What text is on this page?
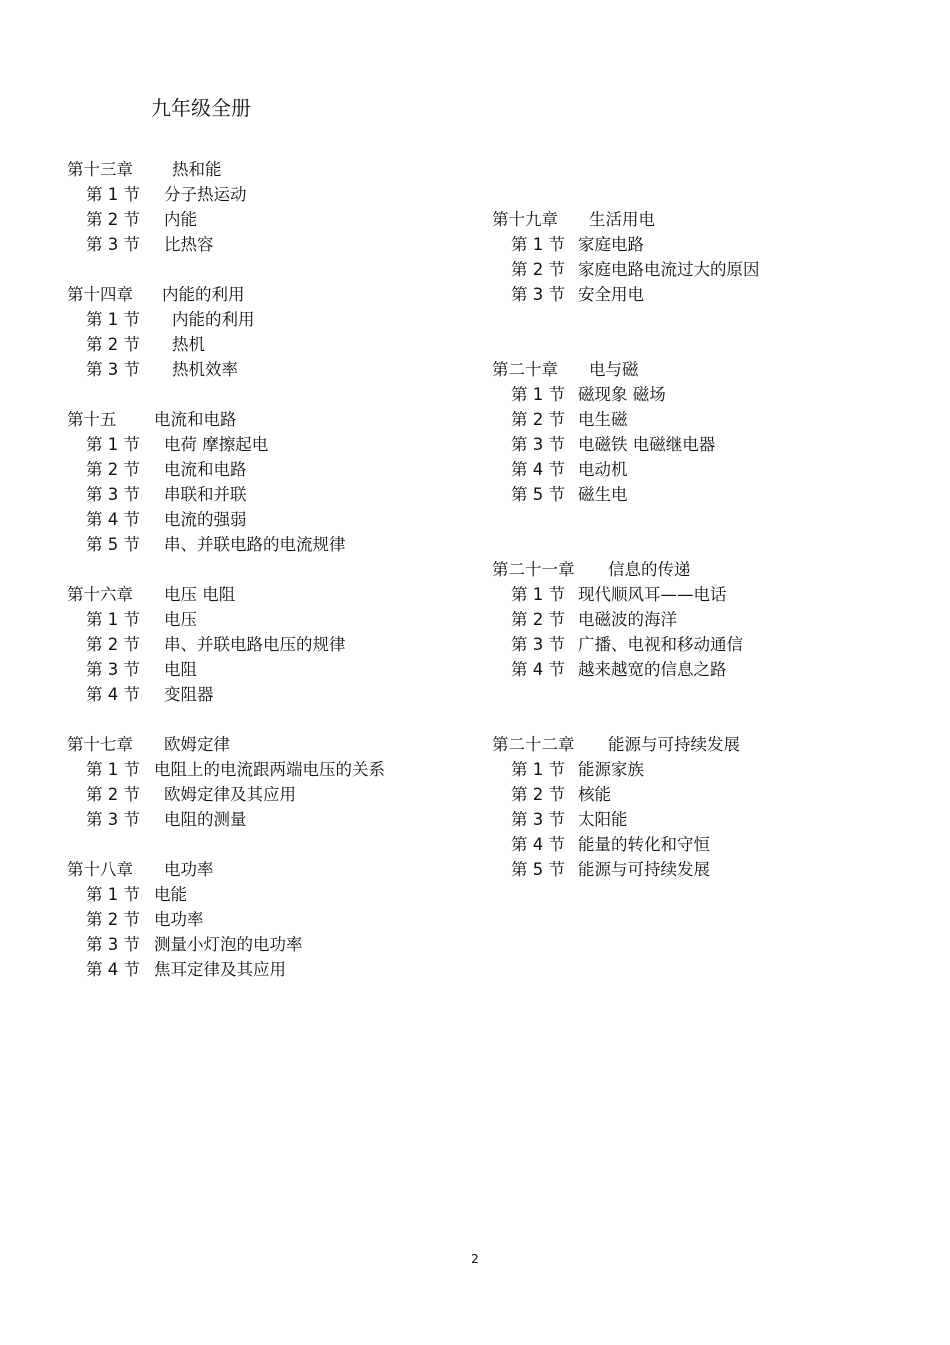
九年级全册
第十三章 热和能
第 1 节 分子热运动
第 2 节 内能
第 3 节 比热容
第十四章 内能的利用
第 1 节 内能的利用
第 2 节 热机
第 3 节 热机效率
第十五 电流和电路
第 1 节 电荷 摩擦起电
第 2 节 电流和电路
第 3 节 串联和并联
第 4 节 电流的强弱
第 5 节 串、并联电路的电流规律
第十六章 电压 电阻
第 1 节 电压
第 2 节 串、并联电路电压的规律
第 3 节 电阻
第 4 节 变阻器
第十七章 欧姆定律
第 1 节 电阻上的电流跟两端电压的关系
第 2 节 欧姆定律及其应用
第 3 节 电阻的测量
第十八章 电功率
第 1 节 电能
第 2 节 电功率
第 3 节 测量小灯泡的电功率
第 4 节 焦耳定律及其应用
第十九章 生活用电
第 1 节 家庭电路
第 2 节 家庭电路电流过大的原因
第 3 节 安全用电
第二十章 电与磁
第 1 节 磁现象 磁场
第 2 节 电生磁
第 3 节 电磁铁 电磁继电器
第 4 节 电动机
第 5 节 磁生电
第二十一章 信息的传递
第 1 节 现代顺风耳——电话
第 2 节 电磁波的海洋
第 3 节 广播、电视和移动通信
第 4 节 越来越宽的信息之路
第二十二章 能源与可持续发展
第 1 节 能源家族
第 2 节 核能
第 3 节 太阳能
第 4 节 能量的转化和守恒
第 5 节 能源与可持续发展
2
